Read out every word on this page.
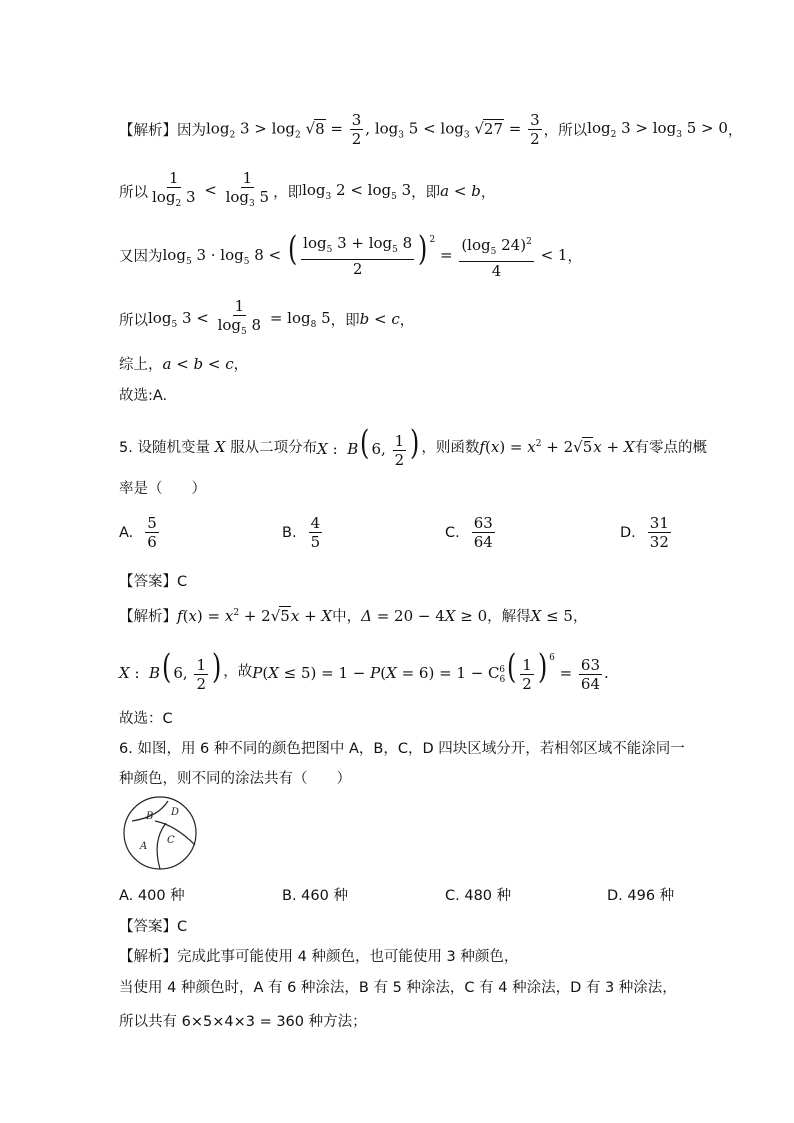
【解析】 因为 $\log_2 3 > \log_2 √8 = \frac{3}{2}$ , $\log_3 5 < \log_3 √27 = \frac{3}{2}$ ，所以 $\log_2 3 > \log_3 5 > 0$ ，
所以 $\frac{1}{\log_2 3} < \frac{1}{\log_3 5}$ ，即 $\log_3 2 < \log_5 3$ ，即 a < b ，
又因为 $\log_5 3 \cdot \log_5 8$ < ( $\frac{\log_5 3 + \log_5 8}{2}$ ) $^2 = \frac{(\log_5 24)^2}{4} < 1$ ，
所以 $\log_5 3 < \frac{1}{\log_5 8} = \log_8 5$ ，即 b < c ，
综上， a < b < c ，
故选:A.
5. 设随机变量 X 服从二项分布 X :  B( 6, $\frac{1}{2}$ ) ，则函数 $f(x) = x^2 + 2√5x + X$ 有零点的概
率是（　　）
A. $\frac{5}{6}$	B. $\frac{4}{5}$	C. $\frac{63}{64}$	D. $\frac{31}{32}$
【答案】C
【解析】 $f(x) = x^2 + 2√5x + X$ 中， Δ = 20 − 4X ≥ 0 ，解得 X ≤ 5 ，
X :  B( 6, $\frac{1}{2}$ ) ，故 $P(X \le 5) = 1 - P(X = 6) = 1 - C_6^6( \frac{1}{2}$ ) $^6 = \frac{63}{64}$ .
故选：C
6. 如图，用 6 种不同的颜色把图中 A，B，C，D 四块区域分开，若相邻区域不能涂同一
种颜色，则不同的涂法共有（　　）
B D
A
C
A. 400 种	B. 460 种	C. 480 种	D. 496 种
【答案】C
【解析】完成此事可能使用 4 种颜色，也可能使用 3 种颜色，
当使用 4 种颜色时，A 有 6 种涂法，B 有 5 种涂法，C 有 4 种涂法，D 有 3 种涂法，
所以共有 6×5×4×3 = 360 种方法；
